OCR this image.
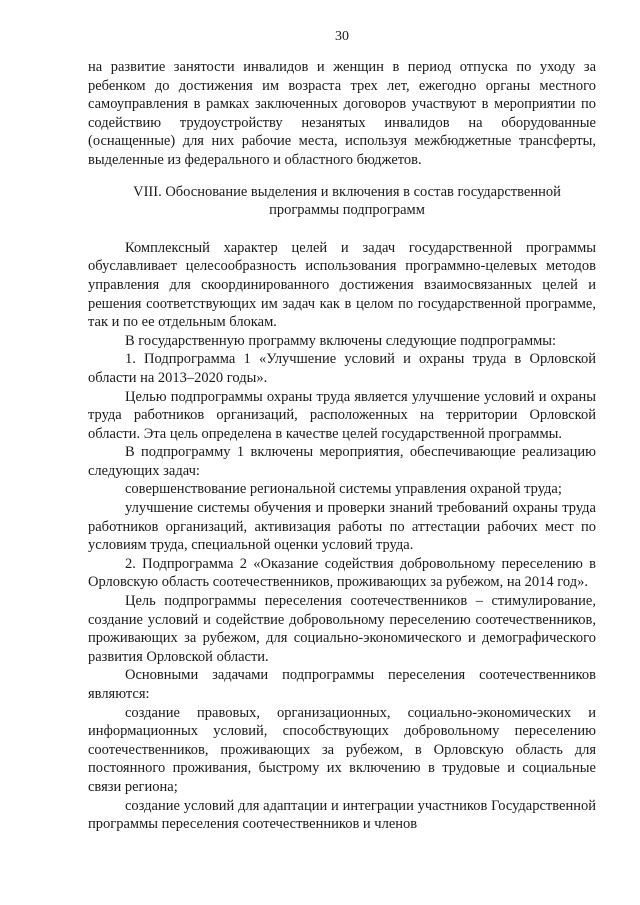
30

на развитие занятости инвалидов и женщин в период отпуска по уходу за ребенком до достижения им возраста трех лет, ежегодно органы местного самоуправления в рамках заключенных договоров участвуют в мероприятии по содействию трудоустройству незанятых инвалидов на оборудованные (оснащенные) для них рабочие места, используя межбюджетные трансферты, выделенные из федерального и областного бюджетов.

VIII. Обоснование выделения и включения в состав государственной программы подпрограмм

Комплексный характер целей и задач государственной программы обуславливает целесообразность использования программно-целевых методов управления для скоординированного достижения взаимосвязанных целей и решения соответствующих им задач как в целом по государственной программе, так и по ее отдельным блокам.

В государственную программу включены следующие подпрограммы:

1. Подпрограмма 1 «Улучшение условий и охраны труда в Орловской области на 2013–2020 годы».

Целью подпрограммы охраны труда является улучшение условий и охраны труда работников организаций, расположенных на территории Орловской области. Эта цель определена в качестве целей государственной программы.

В подпрограмму 1 включены мероприятия, обеспечивающие реализацию следующих задач:

совершенствование региональной системы управления охраной труда;

улучшение системы обучения и проверки знаний требований охраны труда работников организаций, активизация работы по аттестации рабочих мест по условиям труда, специальной оценки условий труда.

2. Подпрограмма 2 «Оказание содействия добровольному переселению в Орловскую область соотечественников, проживающих за рубежом, на 2014 год».

Цель подпрограммы переселения соотечественников – стимулирование, создание условий и содействие добровольному переселению соотечественников, проживающих за рубежом, для социально-экономического и демографического развития Орловской области.

Основными задачами подпрограммы переселения соотечественников являются:

создание правовых, организационных, социально-экономических и информационных условий, способствующих добровольному переселению соотечественников, проживающих за рубежом, в Орловскую область для постоянного проживания, быстрому их включению в трудовые и социальные связи региона;

создание условий для адаптации и интеграции участников Государственной программы переселения соотечественников и членов
